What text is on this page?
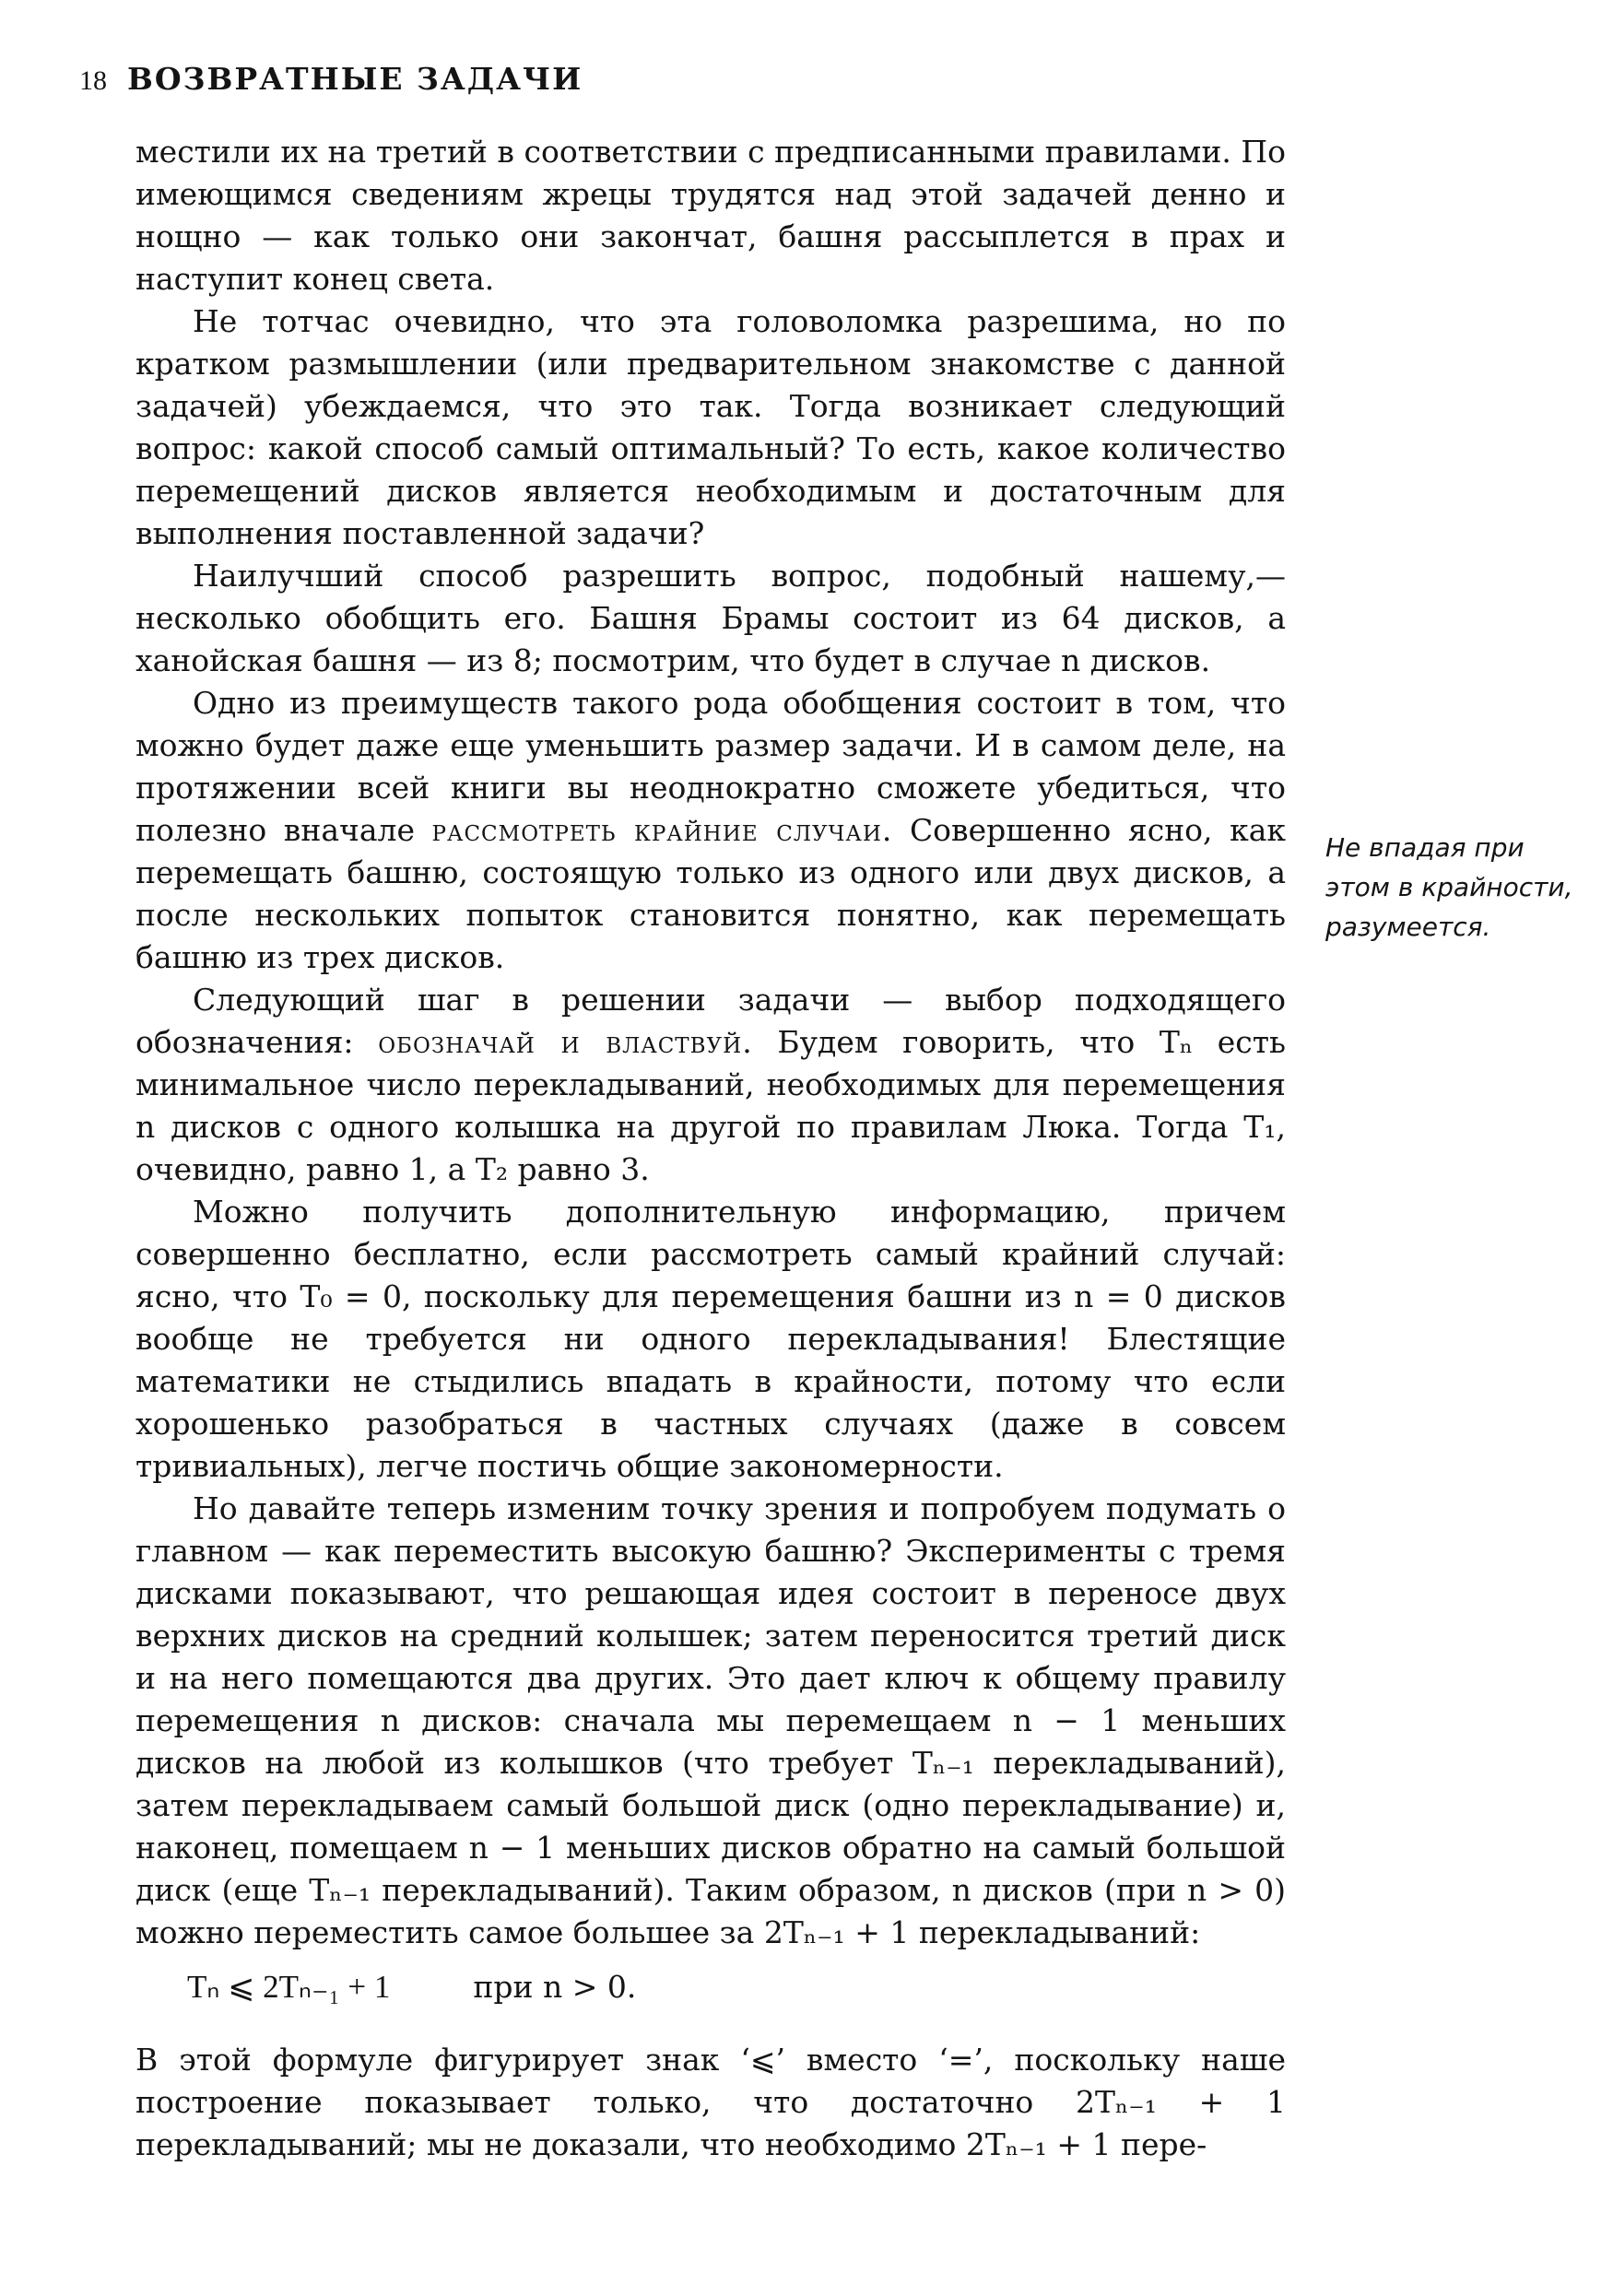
18 ВОЗВРАТНЫЕ ЗАДАЧИ

местили их на третий в соответствии с предписанными правилами. По имеющимся сведениям жрецы трудятся над этой задачей денно и нощно — как только они закончат, башня рассыплется в прах и наступит конец света.

Не тотчас очевидно, что эта головоломка разрешима, но по кратком размышлении (или предварительном знакомстве с данной задачей) убеждаемся, что это так. Тогда возникает следующий вопрос: какой способ самый оптимальный? То есть, какое количество перемещений дисков является необходимым и достаточным для выполнения поставленной задачи?

Наилучший способ разрешить вопрос, подобный нашему,— несколько обобщить его. Башня Брамы состоит из 64 дисков, а ханойская башня — из 8; посмотрим, что будет в случае n дисков.

Одно из преимуществ такого рода обобщения состоит в том, что можно будет даже еще уменьшить размер задачи. И в самом деле, на протяжении всей книги вы неоднократно сможете убедиться, что полезно вначале рассмотреть крайние случаи. Совершенно ясно, как перемещать башню, состоящую только из одного или двух дисков, а после нескольких попыток становится понятно, как перемещать башню из трех дисков.

Следующий шаг в решении задачи — выбор подходящего обозначения: обозначай и властвуй. Будем говорить, что Tₙ есть минимальное число перекладываний, необходимых для перемещения n дисков с одного колышка на другой по правилам Люка. Тогда T₁, очевидно, равно 1, а T₂ равно 3.

Можно получить дополнительную информацию, причем совершенно бесплатно, если рассмотреть самый крайний случай: ясно, что T₀ = 0, поскольку для перемещения башни из n = 0 дисков вообще не требуется ни одного перекладывания! Блестящие математики не стыдились впадать в крайности, потому что если хорошенько разобраться в частных случаях (даже в совсем тривиальных), легче постичь общие закономерности.

Но давайте теперь изменим точку зрения и попробуем подумать о главном — как переместить высокую башню? Эксперименты с тремя дисками показывают, что решающая идея состоит в переносе двух верхних дисков на средний колышек; затем переносится третий диск и на него помещаются два других. Это дает ключ к общему правилу перемещения n дисков: сначала мы перемещаем n − 1 меньших дисков на любой из колышков (что требует Tₙ₋₁ перекладываний), затем перекладываем самый большой диск (одно перекладывание) и, наконец, помещаем n − 1 меньших дисков обратно на самый большой диск (еще Tₙ₋₁ перекладываний). Таким образом, n дисков (при n > 0) можно переместить самое большее за 2Tₙ₋₁ + 1 перекладываний:

Tₙ ⩽ 2Tₙ₋₁ + 1	при n > 0.

В этой формуле фигурирует знак ‘⩽’ вместо ‘=’, поскольку наше построение показывает только, что достаточно 2Tₙ₋₁ + 1 перекладываний; мы не доказали, что необходимо 2Tₙ₋₁ + 1 пере-

Не впадая при
этом в крайности,
разумеется.
